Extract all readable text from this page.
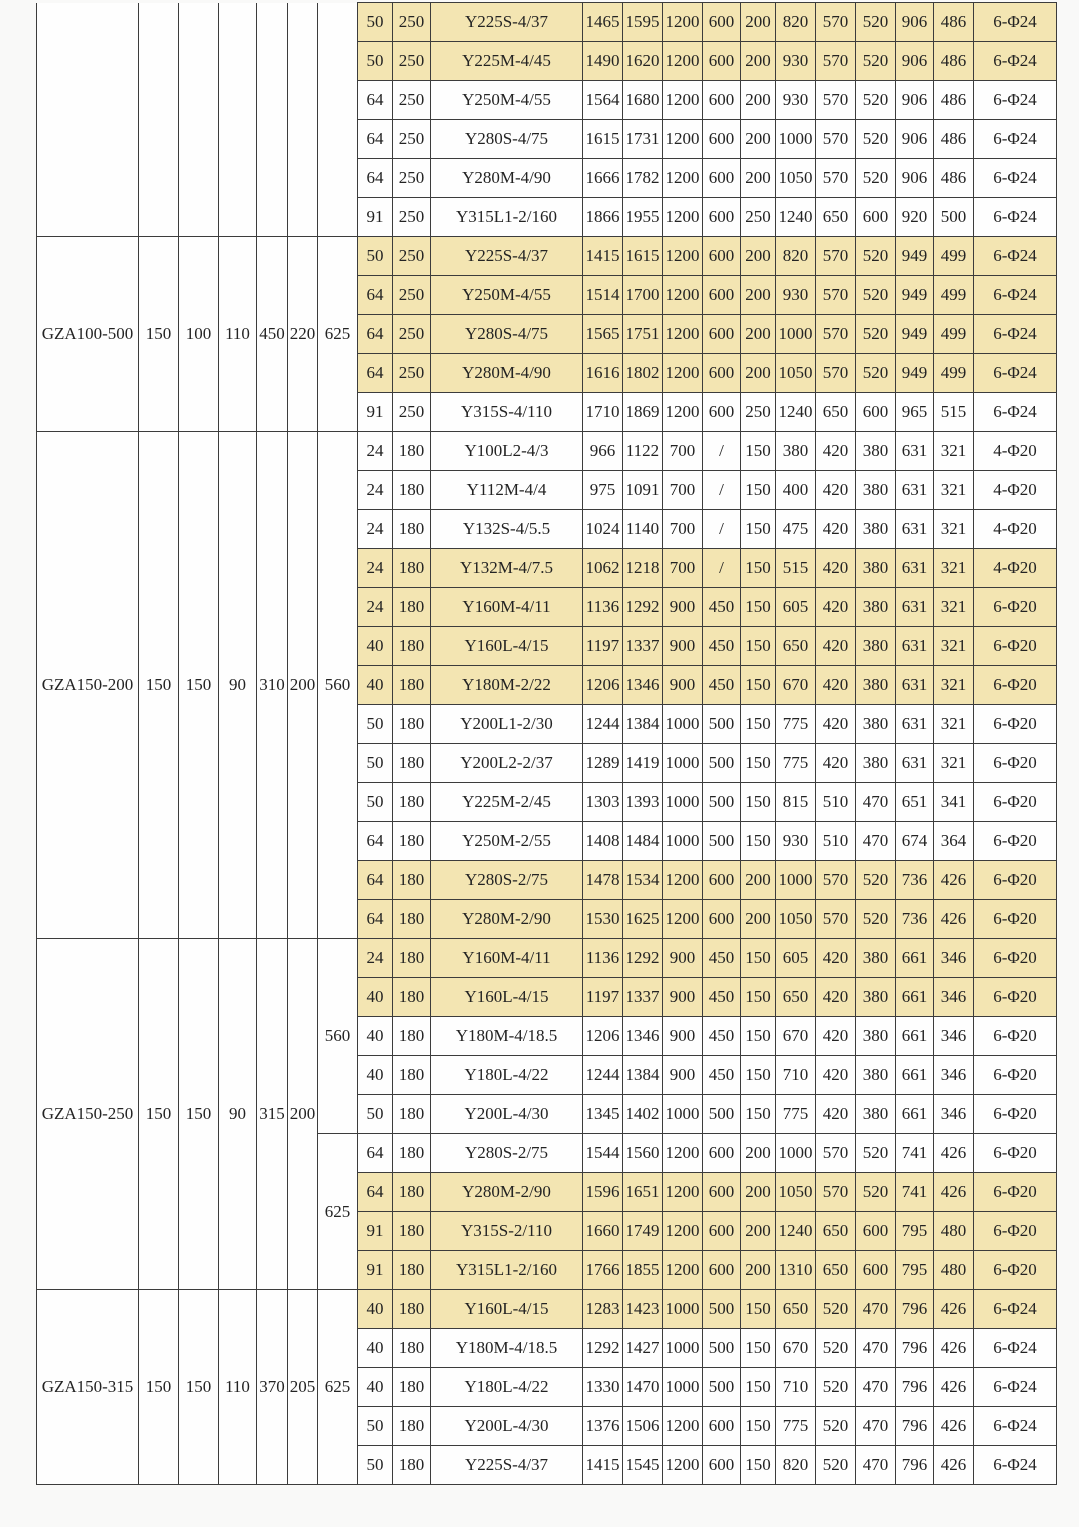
							50	250	Y225S-4/37	1465	1595	1200	600	200	820	570	520	906	486	6-Φ24
							50	250	Y225M-4/45	1490	1620	1200	600	200	930	570	520	906	486	6-Φ24
							64	250	Y250M-4/55	1564	1680	1200	600	200	930	570	520	906	486	6-Φ24
							64	250	Y280S-4/75	1615	1731	1200	600	200	1000	570	520	906	486	6-Φ24
							64	250	Y280M-4/90	1666	1782	1200	600	200	1050	570	520	906	486	6-Φ24
							91	250	Y315L1-2/160	1866	1955	1200	600	250	1240	650	600	920	500	6-Φ24
GZA100-500	150	100	110	450	220	625	50	250	Y225S-4/37	1415	1615	1200	600	200	820	570	520	949	499	6-Φ24
							64	250	Y250M-4/55	1514	1700	1200	600	200	930	570	520	949	499	6-Φ24
							64	250	Y280S-4/75	1565	1751	1200	600	200	1000	570	520	949	499	6-Φ24
							64	250	Y280M-4/90	1616	1802	1200	600	200	1050	570	520	949	499	6-Φ24
							91	250	Y315S-4/110	1710	1869	1200	600	250	1240	650	600	965	515	6-Φ24
GZA150-200	150	150	90	310	200	560	24	180	Y100L2-4/3	966	1122	700	/	150	380	420	380	631	321	4-Φ20
							24	180	Y112M-4/4	975	1091	700	/	150	400	420	380	631	321	4-Φ20
							24	180	Y132S-4/5.5	1024	1140	700	/	150	475	420	380	631	321	4-Φ20
							24	180	Y132M-4/7.5	1062	1218	700	/	150	515	420	380	631	321	4-Φ20
							24	180	Y160M-4/11	1136	1292	900	450	150	605	420	380	631	321	6-Φ20
							40	180	Y160L-4/15	1197	1337	900	450	150	650	420	380	631	321	6-Φ20
							40	180	Y180M-2/22	1206	1346	900	450	150	670	420	380	631	321	6-Φ20
							50	180	Y200L1-2/30	1244	1384	1000	500	150	775	420	380	631	321	6-Φ20
							50	180	Y200L2-2/37	1289	1419	1000	500	150	775	420	380	631	321	6-Φ20
							50	180	Y225M-2/45	1303	1393	1000	500	150	815	510	470	651	341	6-Φ20
							64	180	Y250M-2/55	1408	1484	1000	500	150	930	510	470	674	364	6-Φ20
							64	180	Y280S-2/75	1478	1534	1200	600	200	1000	570	520	736	426	6-Φ20
							64	180	Y280M-2/90	1530	1625	1200	600	200	1050	570	520	736	426	6-Φ20
GZA150-250	150	150	90	315	200	560	24	180	Y160M-4/11	1136	1292	900	450	150	605	420	380	661	346	6-Φ20
							40	180	Y160L-4/15	1197	1337	900	450	150	650	420	380	661	346	6-Φ20
							40	180	Y180M-4/18.5	1206	1346	900	450	150	670	420	380	661	346	6-Φ20
							40	180	Y180L-4/22	1244	1384	900	450	150	710	420	380	661	346	6-Φ20
							50	180	Y200L-4/30	1345	1402	1000	500	150	775	420	380	661	346	6-Φ20
						625	64	180	Y280S-2/75	1544	1560	1200	600	200	1000	570	520	741	426	6-Φ20
							64	180	Y280M-2/90	1596	1651	1200	600	200	1050	570	520	741	426	6-Φ20
							91	180	Y315S-2/110	1660	1749	1200	600	200	1240	650	600	795	480	6-Φ20
							91	180	Y315L1-2/160	1766	1855	1200	600	200	1310	650	600	795	480	6-Φ20
GZA150-315	150	150	110	370	205	625	40	180	Y160L-4/15	1283	1423	1000	500	150	650	520	470	796	426	6-Φ24
							40	180	Y180M-4/18.5	1292	1427	1000	500	150	670	520	470	796	426	6-Φ24
							40	180	Y180L-4/22	1330	1470	1000	500	150	710	520	470	796	426	6-Φ24
							50	180	Y200L-4/30	1376	1506	1200	600	150	775	520	470	796	426	6-Φ24
							50	180	Y225S-4/37	1415	1545	1200	600	150	820	520	470	796	426	6-Φ24
